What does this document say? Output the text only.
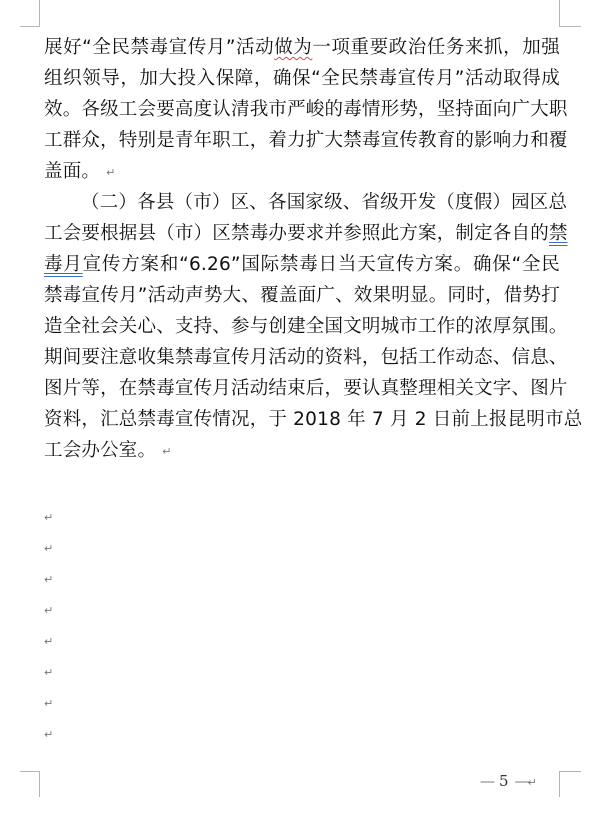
展好“全民禁毒宣传月”活动做为一项重要政治任务来抓，加强
组织领导，加大投入保障，确保“全民禁毒宣传月”活动取得成
效。各级工会要高度认清我市严峻的毒情形势，坚持面向广大职
工群众，特别是青年职工，着力扩大禁毒宣传教育的影响力和覆
盖面。 ↵
（二）各县（市）区、各国家级、省级开发（度假）园区总
工会要根据县（市）区禁毒办要求并参照此方案，制定各自的禁
毒月宣传方案和“6.26”国际禁毒日当天宣传方案。确保“全民
禁毒宣传月”活动声势大、覆盖面广、效果明显。同时，借势打
造全社会关心、支持、参与创建全国文明城市工作的浓厚氛围。
期间要注意收集禁毒宣传月活动的资料，包括工作动态、信息、
图片等，在禁毒宣传月活动结束后，要认真整理相关文字、图片
资料，汇总禁毒宣传情况，于 2018 年 7 月 2 日前上报昆明市总
工会办公室。 ↵
↵
↵
↵
↵
↵
↵
↵
↵
— 5 —↵
